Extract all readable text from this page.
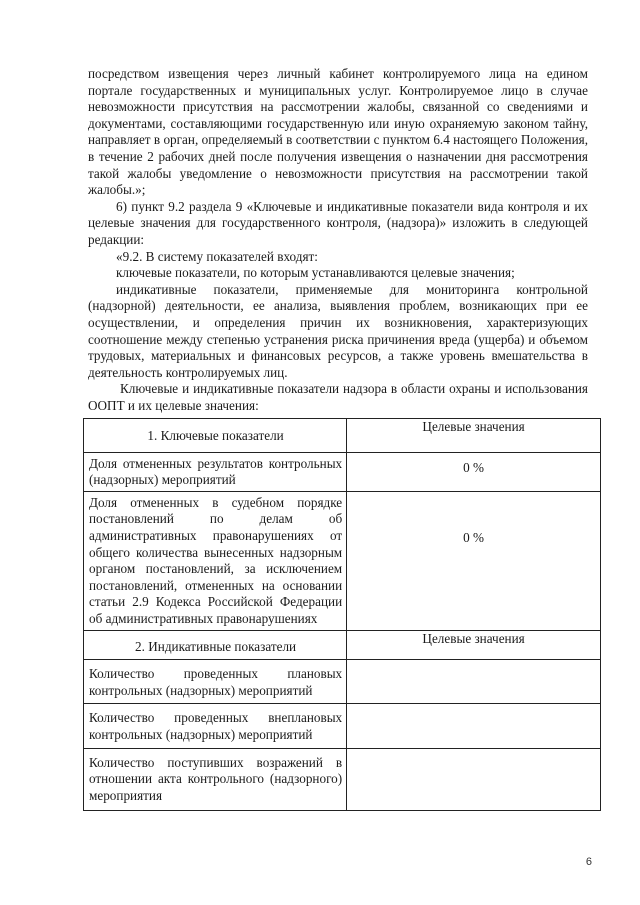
посредством извещения через личный кабинет контролируемого лица на едином портале государственных и муниципальных услуг. Контролируемое лицо в случае невозможности присутствия на рассмотрении жалобы, связанной со сведениями и документами, составляющими государственную или иную охраняемую законом тайну, направляет в орган, определяемый в соответствии с пунктом 6.4 настоящего Положения, в течение 2 рабочих дней после получения извещения о назначении дня рассмотрения такой жалобы уведомление о невозможности присутствия на рассмотрении такой жалобы.»;

6) пункт 9.2 раздела 9 «Ключевые и индикативные показатели вида контроля и их целевые значения для государственного контроля, (надзора)» изложить в следующей редакции:

«9.2. В систему показателей входят:

ключевые показатели, по которым устанавливаются целевые значения;

индикативные показатели, применяемые для мониторинга контрольной (надзорной) деятельности, ее анализа, выявления проблем, возникающих при ее осуществлении, и определения причин их возникновения, характеризующих соотношение между степенью устранения риска причинения вреда (ущерба) и объемом трудовых, материальных и финансовых ресурсов, а также уровень вмешательства в деятельность контролируемых лиц.

Ключевые и индикативные показатели надзора в области охраны и использования ООПТ и их целевые значения:

1. Ключевые показатели	Целевые значения
Доля отмененных результатов контрольных (надзорных) мероприятий	0 %

Доля отмененных в судебном порядке постановлений по делам об административных правонарушениях от общего количества вынесенных надзорным органом постановлений, за исключением постановлений, отмененных на основании статьи 2.9 Кодекса Российской Федерации об административных правонарушениях	0 %

2. Индикативные показатели	Целевые значения
Количество проведенных плановых контрольных (надзорных) мероприятий	
Количество проведенных внеплановых контрольных (надзорных) мероприятий	
Количество поступивших возражений в отношении акта контрольного (надзорного) мероприятия	
6
